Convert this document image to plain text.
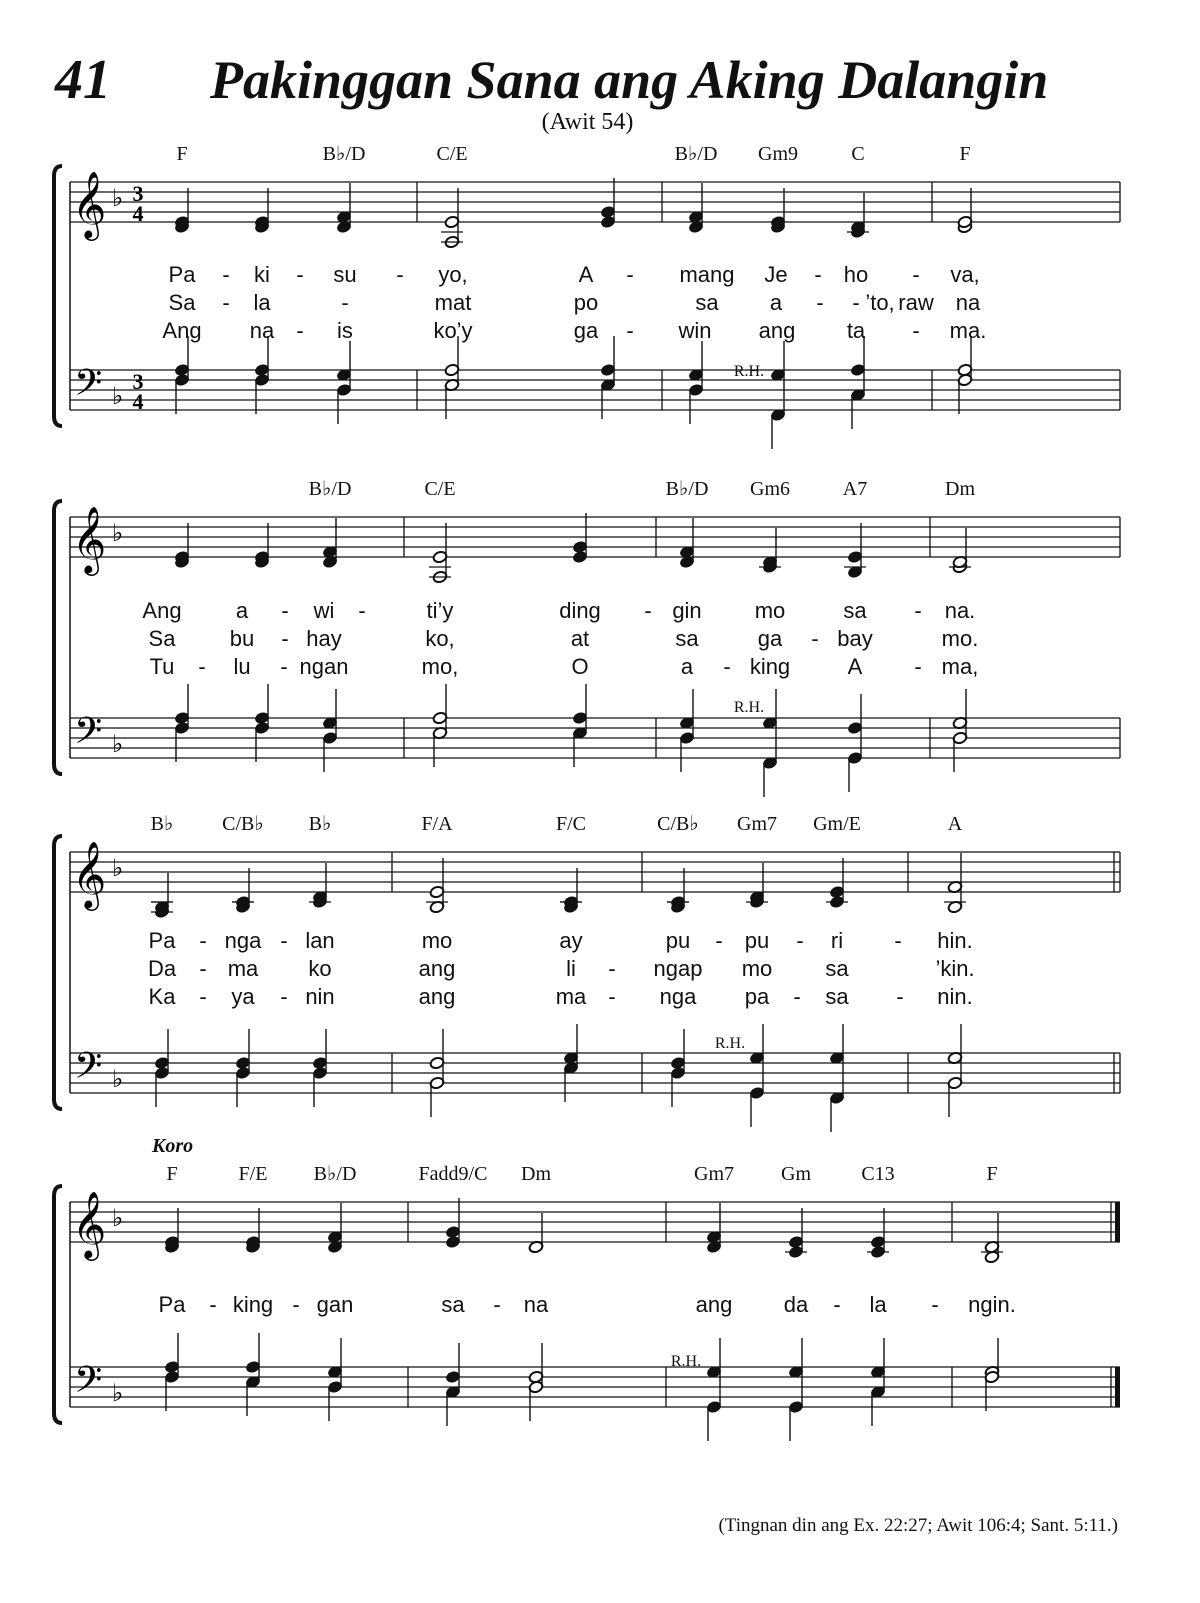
41 Pakinggan Sana ang Aking Dalangin
(Awit 54)
𝄞
𝄢
♭
♭
3
4
3
4
F	B♭/D	C/E	B♭/D Gm9	C	F
R.H.
Pa - ki - su - yo,	A - mang Je - ho - va,
Sa - la	-	mat	po	sa a	- raw na
- ’to,
Ang na - is	ko’y	ga - win ang ta - ma.
𝄞
𝄢
♭
♭
B♭/D	C/E	B♭/D Gm6	A7	Dm
R.H.
Ang a - wi -	ti’y	ding - gin mo	sa - na.
Sa bu - hay	ko,	at	sa	ga - bay	mo.
Tu - lu - ngan	mo,	O	a - king	A - ma,
𝄞
𝄢
♭
♭
B♭ C/B♭ B♭	F/A	F/C	C/B♭ Gm7 Gm/E	A
R.H.
Pa - nga - lan	mo	ay	pu - pu - ri - hin.
Da - ma ko	ang	li - ngap mo sa	’kin.
Ka - ya - nin	ang	ma - nga pa - sa - nin.
𝄞
𝄢
♭
♭
Koro
F	F/E B♭/D	Fadd9/C Dm	Gm7 Gm	C13	F
R.H.
Pa - king - gan	sa - na	ang da - la - ngin.
(Tingnan din ang Ex. 22:27; Awit 106:4; Sant. 5:11.)
